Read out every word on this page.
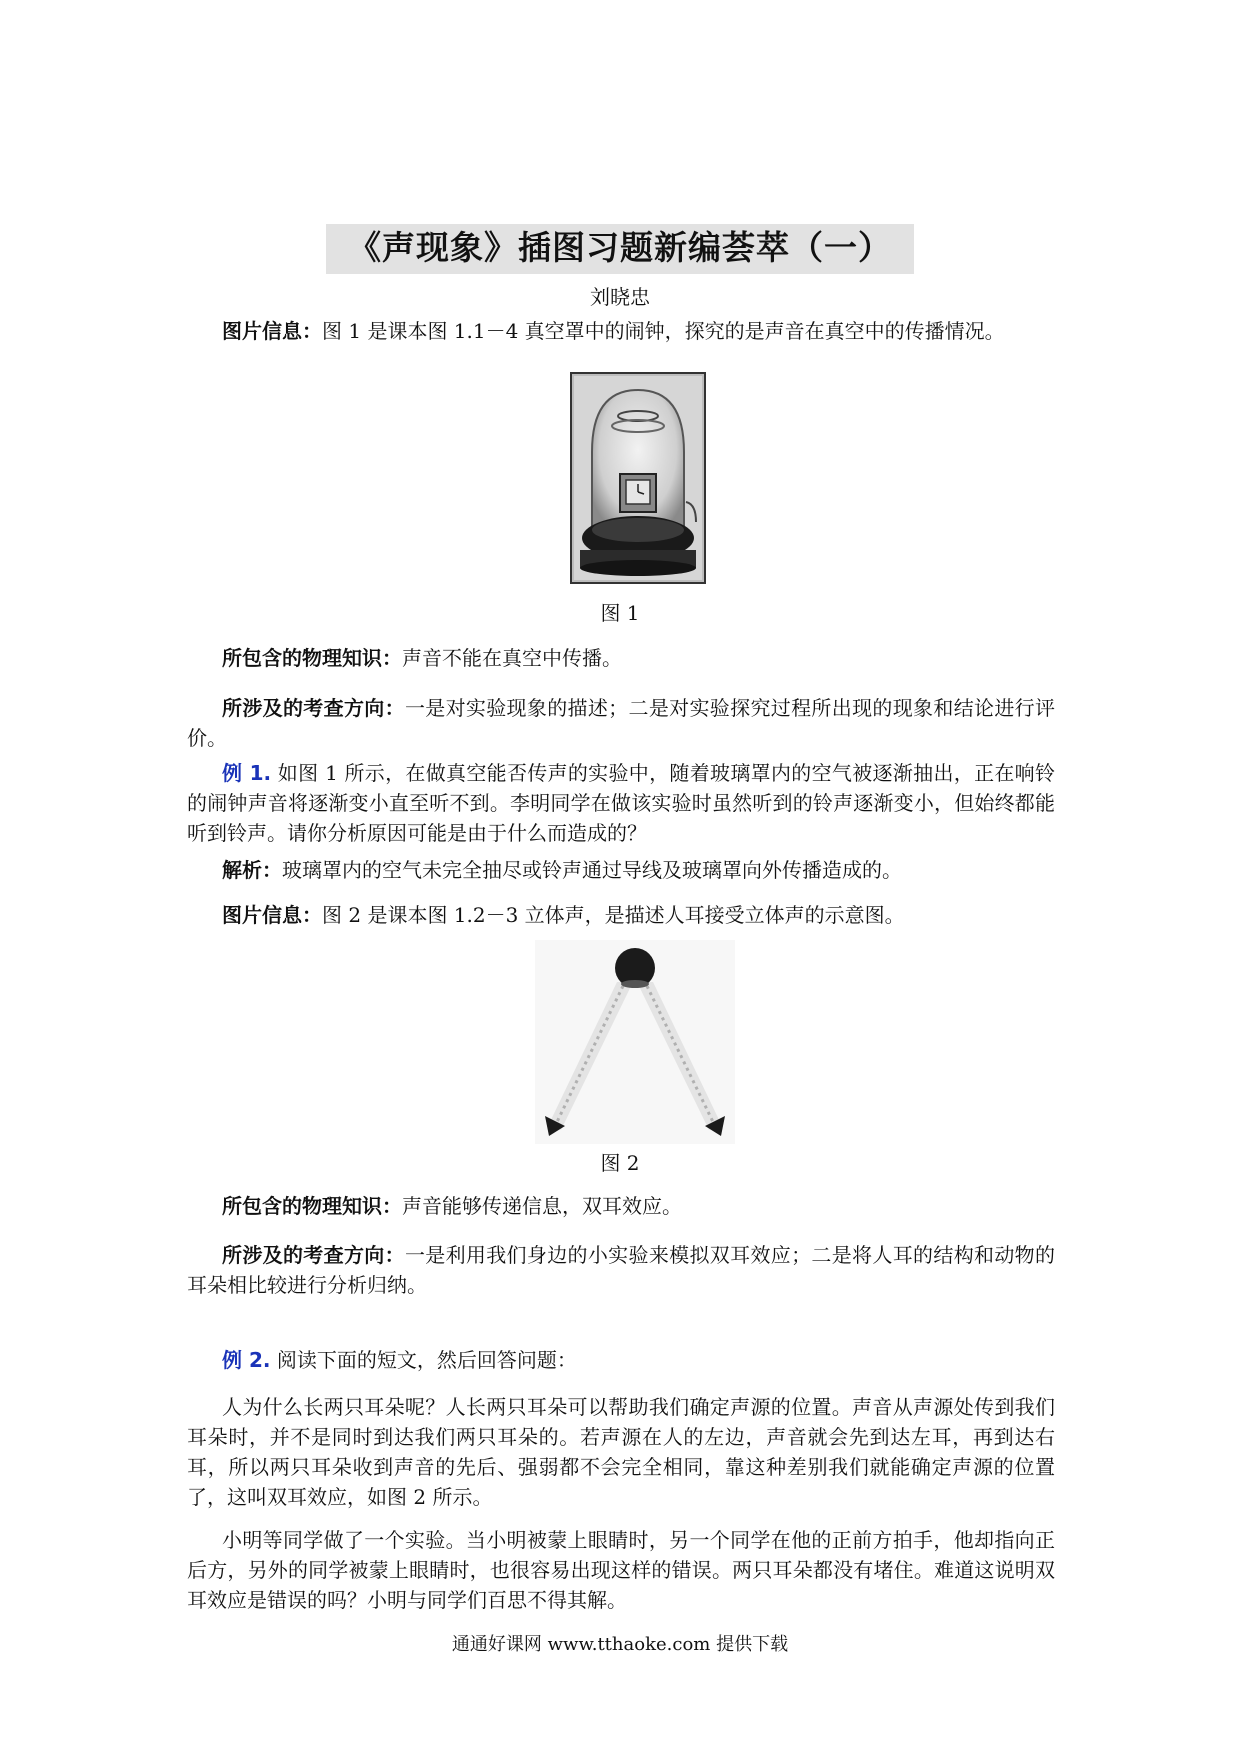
《声现象》插图习题新编荟萃（一）
刘晓忠
图片信息：图 1 是课本图 1.1－4 真空罩中的闹钟，探究的是声音在真空中的传播情况。
图 1
所包含的物理知识：声音不能在真空中传播。
所涉及的考查方向：一是对实验现象的描述；二是对实验探究过程所出现的现象和结论进行评价。
例 1. 如图 1 所示，在做真空能否传声的实验中，随着玻璃罩内的空气被逐渐抽出，正在响铃的闹钟声音将逐渐变小直至听不到。李明同学在做该实验时虽然听到的铃声逐渐变小，但始终都能听到铃声。请你分析原因可能是由于什么而造成的？
解析：玻璃罩内的空气未完全抽尽或铃声通过导线及玻璃罩向外传播造成的。
图片信息：图 2 是课本图 1.2－3 立体声，是描述人耳接受立体声的示意图。
图 2
所包含的物理知识：声音能够传递信息，双耳效应。
所涉及的考查方向：一是利用我们身边的小实验来模拟双耳效应；二是将人耳的结构和动物的耳朵相比较进行分析归纳。
例 2. 阅读下面的短文，然后回答问题：
人为什么长两只耳朵呢？人长两只耳朵可以帮助我们确定声源的位置。声音从声源处传到我们耳朵时，并不是同时到达我们两只耳朵的。若声源在人的左边，声音就会先到达左耳，再到达右耳，所以两只耳朵收到声音的先后、强弱都不会完全相同，靠这种差别我们就能确定声源的位置了，这叫双耳效应，如图 2 所示。
小明等同学做了一个实验。当小明被蒙上眼睛时，另一个同学在他的正前方拍手，他却指向正后方，另外的同学被蒙上眼睛时，也很容易出现这样的错误。两只耳朵都没有堵住。难道这说明双耳效应是错误的吗？小明与同学们百思不得其解。
通通好课网 www.tthaoke.com 提供下载
